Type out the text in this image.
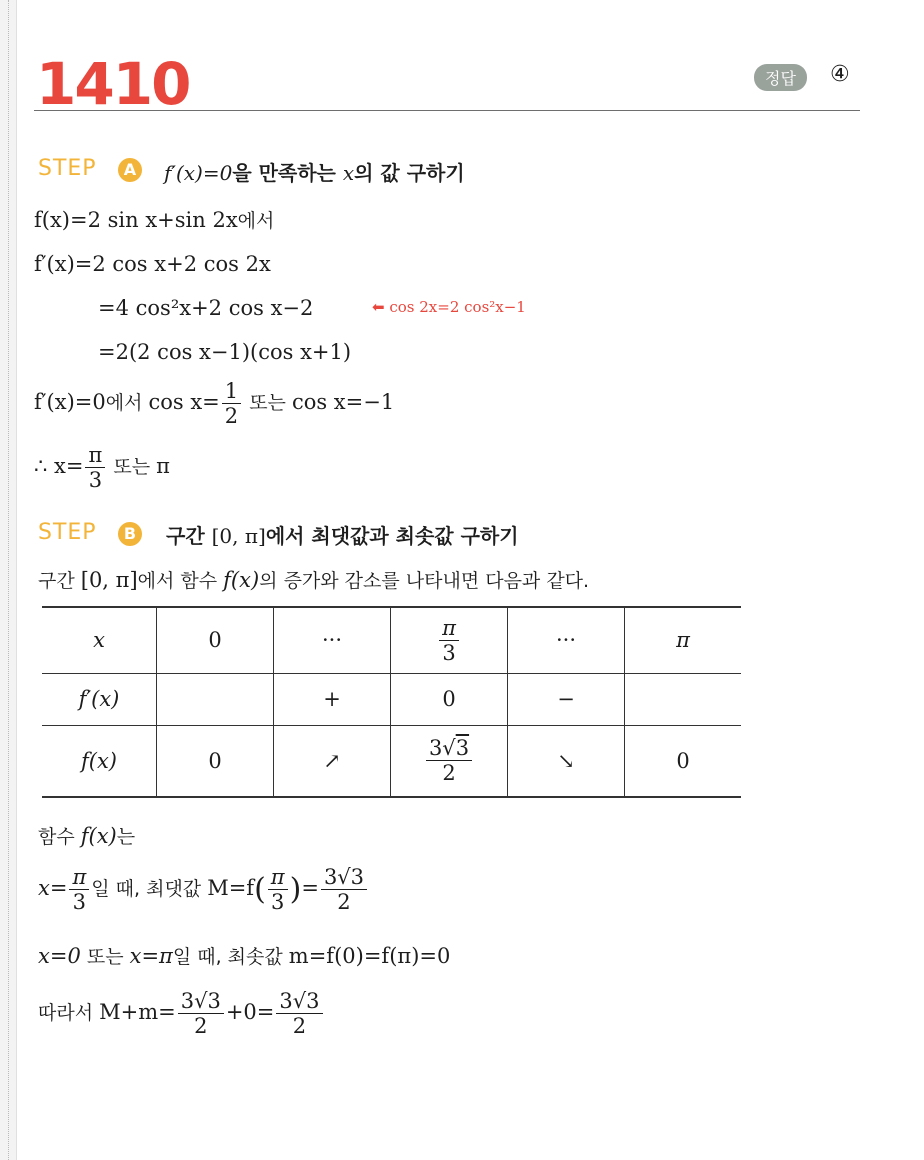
1410	정답	④
STEP	A f′(x)=0을 만족하는 x의 값 구하기
f(x)=2 sin x+sin 2x에서
f′(x)=2 cos x+2 cos 2x
=4 cos²x+2 cos x−2	⬅ cos 2x=2 cos²x−1
=2(2 cos x−1)(cos x+1)
f′(x)=0에서 $\cos x= \frac{1}{2}$ 또는 cos x=−1
∴ $x= \frac{\pi}{3}$ 또는 π
STEP	B 구간 [0, π]에서 최댓값과 최솟값 구하기
구간 [0, π]에서 함수 f(x)의 증가와 감소를 나타내면 다음과 같다.
x	0	···	$\frac{\pi}{3}$	···	π
f′(x)		+	0	−	
f(x)	0	↗	$\frac{3√3}{2}$	↘	0
함수 f(x)는
$x= \frac{\pi}{3}$ 일 때, 최댓값 $M=f( \frac{\pi}{3}$ )= $\frac{3√3}{2}$
x=0 또는 x=π일 때, 최솟값 m=f(0)=f(π)=0
따라서 $M+m= \frac{3√3}{2} +0= \frac{3√3}{2}$
